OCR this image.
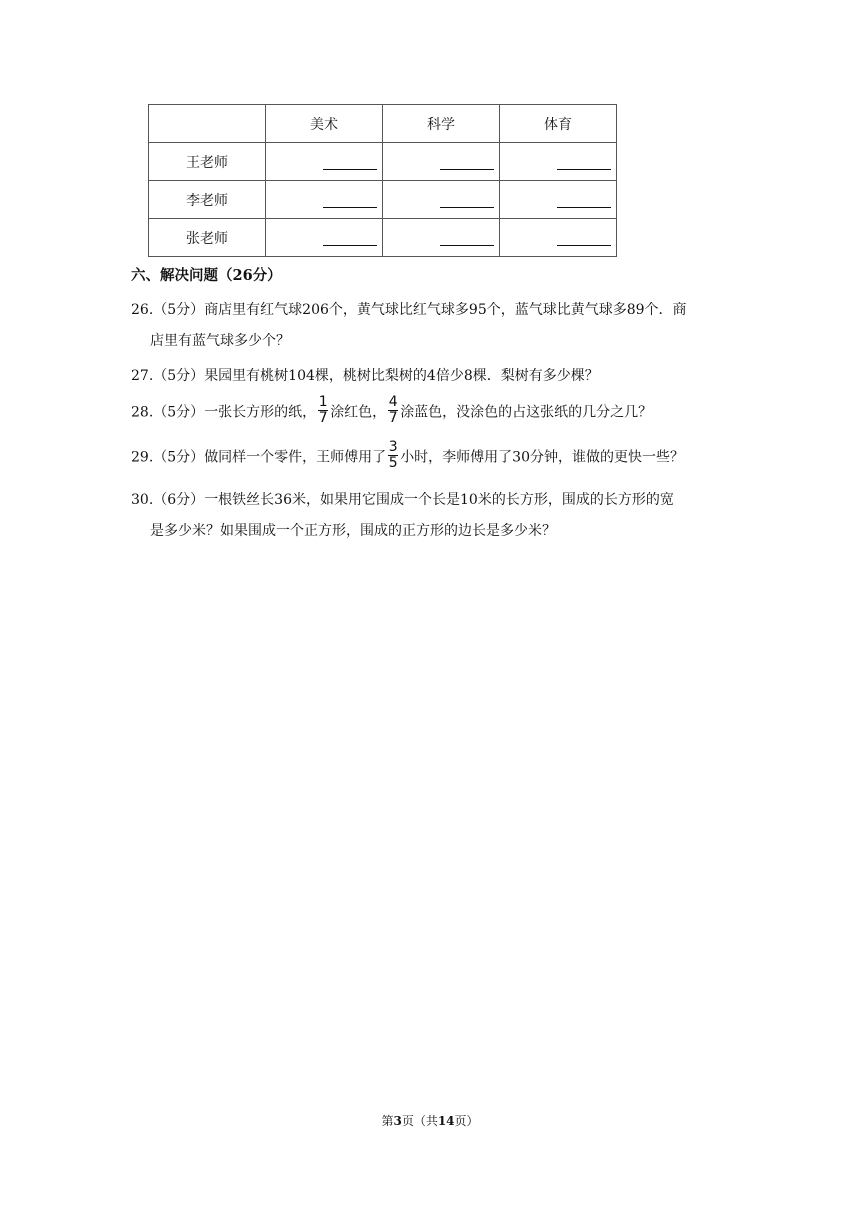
	美术	科学	体育
王老师	

李老师	

张老师	

六、解决问题（26分）
26.（5分）商店里有红气球206个，黄气球比红气球多95个，蓝气球比黄气球多89个．商
店里有蓝气球多少个？
27.（5分）果园里有桃树104棵，桃树比梨树的4倍少8棵．梨树有多少棵？
28.（5分）一张长方形的纸， $\frac{1}{7}$ 涂红色， $\frac{4}{7}$ 涂蓝色，没涂色的占这张纸的几分之几？
29.（5分）做同样一个零件，王师傅用了 $\frac{3}{5}$ 小时，李师傅用了30分钟，谁做的更快一些？
30.（6分）一根铁丝长36米，如果用它围成一个长是10米的长方形，围成的长方形的宽
是多少米？如果围成一个正方形，围成的正方形的边长是多少米？
第3页（共14页）
